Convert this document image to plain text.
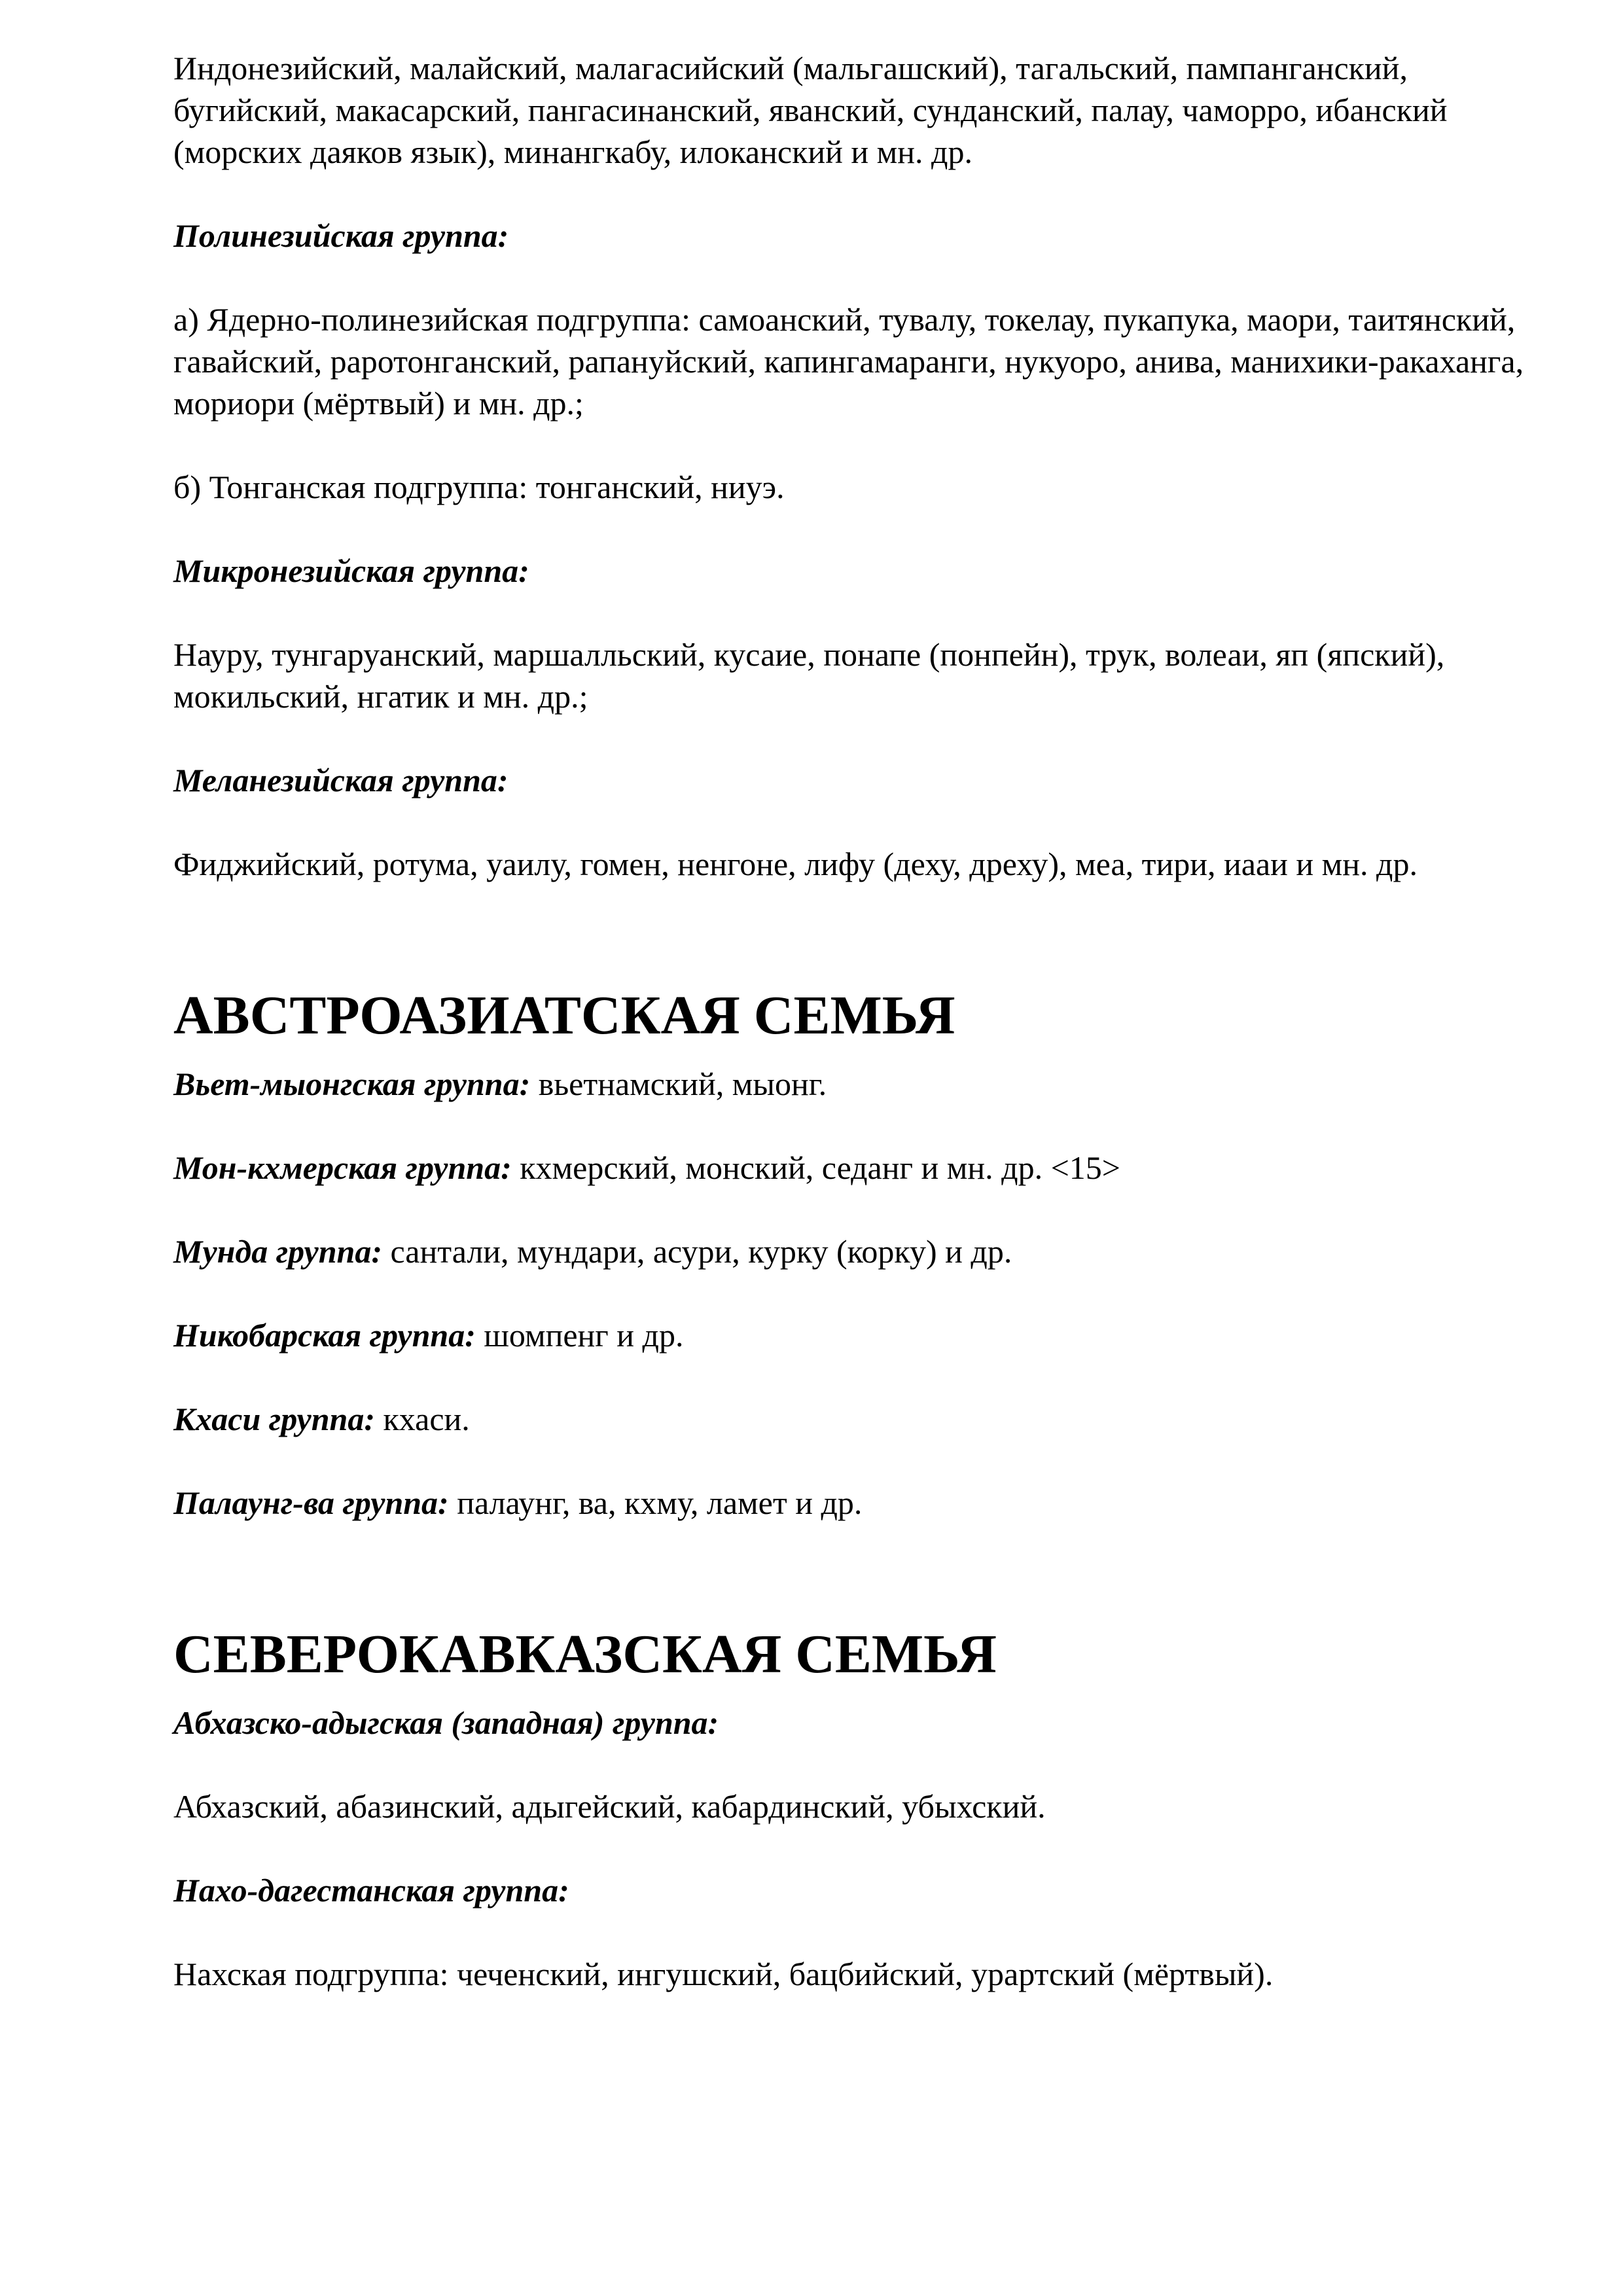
Индонезийский, малайский, малагасийский (мальгашский), тагальский, пампанганский, бугийский, макасарский, пангасинанский, яванский, сунданский, палау, чаморро, ибанский (морских даяков язык), минангкабу, илоканский и мн. др.

Полинезийская группа:

а) Ядерно-полинезийская подгруппа: самоанский, тувалу, токелау, пукапука, маори, таитянский, гавайский, раротонганский, рапануйский, капингамаранги, нукуоро, анива, манихики-ракаханга, мориори (мёртвый) и мн. др.;

б) Тонганская подгруппа: тонганский, ниуэ.

Микронезийская группа:

Науру, тунгаруанский, маршалльский, кусаие, понапе (понпейн), трук, волеаи, яп (япский), мокильский, нгатик и мн. др.;

Меланезийская группа:

Фиджийский, ротума, уаилу, гомен, ненгоне, лифу (деху, дреху), меа, тири, иааи и мн. др.

АВСТРОАЗИАТСКАЯ СЕМЬЯ

Вьет-мыонгская группа: вьетнамский, мыонг.

Мон-кхмерская группа: кхмерский, монский, седанг и мн. др. <15>

Мунда группа: сантали, мундари, асури, курку (корку) и др.

Никобарская группа: шомпенг и др.

Кхаси группа: кхаси.

Палаунг-ва группа: палаунг, ва, кхму, ламет и др.

СЕВЕРОКАВКАЗСКАЯ СЕМЬЯ

Абхазско-адыгская (западная) группа:

Абхазский, абазинский, адыгейский, кабардинский, убыхский.

Нахо-дагестанская группа:

Нахская подгруппа: чеченский, ингушский, бацбийский, урартский (мёртвый).
